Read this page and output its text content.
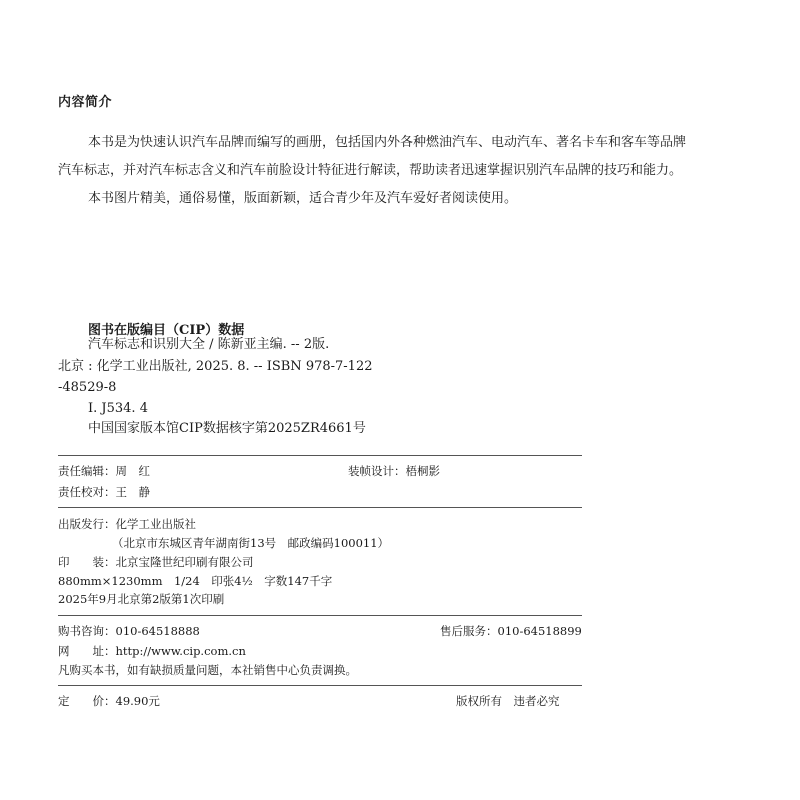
内容简介

本书是为快速认识汽车品牌而编写的画册，包括国内外各种燃油汽车、电动汽车、著名卡车和客车等品牌

汽车标志，并对汽车标志含义和汽车前脸设计特征进行解读，帮助读者迅速掌握识别汽车品牌的技巧和能力。

本书图片精美，通俗易懂，版面新颖，适合青少年及汽车爱好者阅读使用。

图书在版编目（CIP）数据
汽车标志和识别大全 / 陈新亚主编. -- 2版.
北京 : 化学工业出版社, 2025. 8. -- ISBN 978-7-122
-48529-8
Ⅰ. J534. 4
中国国家版本馆CIP数据核字第2025ZR4661号
责任编辑：周　红	装帧设计：梧桐影
责任校对：王　静
出版发行：化学工业出版社
（北京市东城区青年湖南街13号　邮政编码100011）
印　　装：北京宝隆世纪印刷有限公司
880mm×1230mm　1/24　印张4½　字数147千字
2025年9月北京第2版第1次印刷
购书咨询：010-64518888	售后服务：010-64518899
网　　址：http://www.cip.com.cn
凡购买本书，如有缺损质量问题，本社销售中心负责调换。
定　　价：49.90元	版权所有　违者必究
